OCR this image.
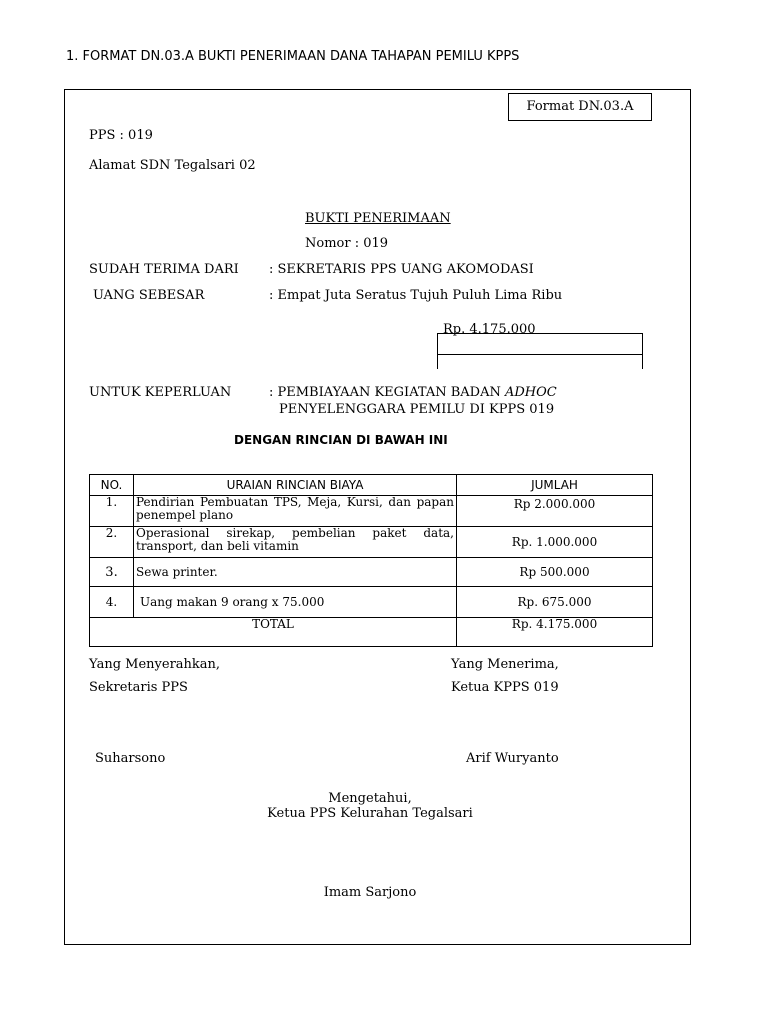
1. FORMAT DN.03.A BUKTI PENERIMAAN DANA TAHAPAN PEMILU KPPS
Format DN.03.A
PPS : 019
Alamat SDN Tegalsari 02
BUKTI PENERIMAAN
Nomor : 019
SUDAH TERIMA DARI : SEKRETARIS PPS UANG AKOMODASI
UANG SEBESAR	: Empat Juta Seratus Tujuh Puluh Lima Ribu
Rp. 4.175.000
UNTUK KEPERLUAN	: PEMBIAYAAN KEGIATAN BADAN ADHOC
PENYELENGGARA PEMILU DI KPPS 019
DENGAN RINCIAN DI BAWAH INI
NO.	URAIAN RINCIAN BIAYA	JUMLAH
1.	Pendirian Pembuatan TPS, Meja, Kursi, dan papan
penempel plano	Rp 2.000.000
2.	Operasional sirekap, pembelian paket data,
transport, dan beli vitamin	Rp. 1.000.000
3.	Sewa printer.	Rp 500.000
4.	Uang makan 9 orang x 75.000	Rp. 675.000
TOTAL		Rp. 4.175.000
Yang Menyerahkan,
Sekretaris PPS
Yang Menerima,
Ketua KPPS 019
Suharsono	Arif Wuryanto
Mengetahui,
Ketua PPS Kelurahan Tegalsari
Imam Sarjono
